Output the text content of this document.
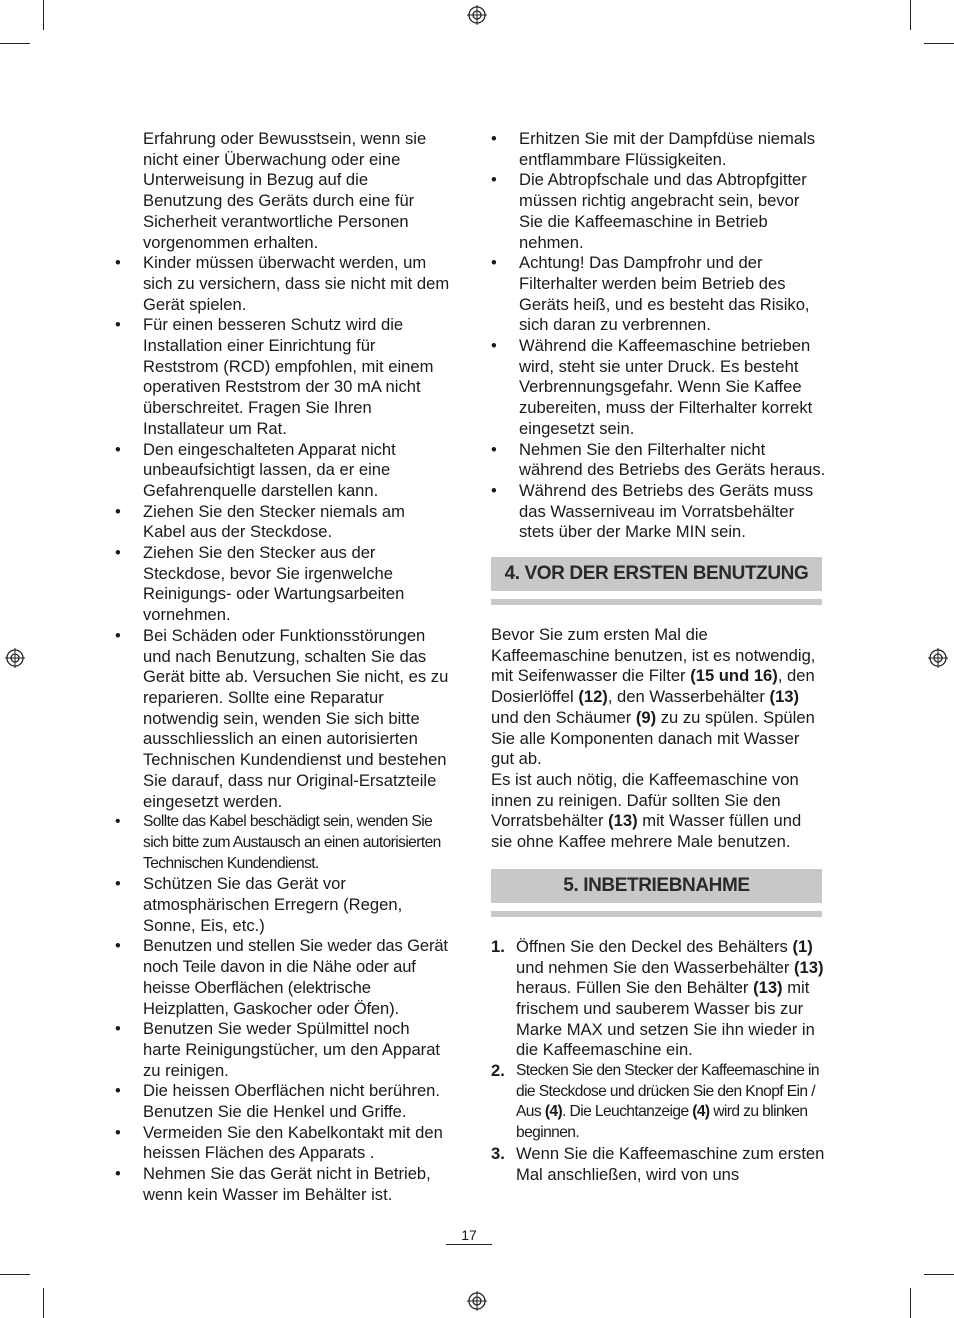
Erfahrung oder Bewusstsein, wenn sie nicht einer Überwachung oder eine Unterweisung in Bezug auf die Benutzung des Geräts durch eine für Sicherheit verantwortliche Personen vorgenommen erhalten.

• Kinder müssen überwacht werden, um sich zu versichern, dass sie nicht mit dem Gerät spielen.
• Für einen besseren Schutz wird die Installation einer Einrichtung für Reststrom (RCD) empfohlen, mit einem operativen Reststrom der 30 mA nicht überschreitet. Fragen Sie Ihren Installateur um Rat.
• Den eingeschalteten Apparat nicht unbeaufsichtigt lassen, da er eine Gefahrenquelle darstellen kann.
• Ziehen Sie den Stecker niemals am Kabel aus der Steckdose.
• Ziehen Sie den Stecker aus der Steckdose, bevor Sie irgenwelche Reinigungs- oder Wartungsarbeiten vornehmen.
• Bei Schäden oder Funktionsstörungen und nach Benutzung, schalten Sie das Gerät bitte ab. Versuchen Sie nicht, es zu reparieren. Sollte eine Reparatur notwendig sein, wenden Sie sich bitte ausschliesslich an einen autorisierten Technischen Kundendienst und bestehen Sie darauf, dass nur Original-Ersatzteile eingesetzt werden.
• Sollte das Kabel beschädigt sein, wenden Sie sich bitte zum Austausch an einen autorisierten Technischen Kundendienst.
• Schützen Sie das Gerät vor atmosphärischen Erregern (Regen, Sonne, Eis, etc.)
• Benutzen und stellen Sie weder das Gerät noch Teile davon in die Nähe oder auf heisse Oberflächen (elektrische Heizplatten, Gaskocher oder Öfen).
• Benutzen Sie weder Spülmittel noch harte Reinigungstücher, um den Apparat zu reinigen.
• Die heissen Oberflächen nicht berühren. Benutzen Sie die Henkel und Griffe.
• Vermeiden Sie den Kabelkontakt mit den heissen Flächen des Apparats .
• Nehmen Sie das Gerät nicht in Betrieb, wenn kein Wasser im Behälter ist.
• Erhitzen Sie mit der Dampfdüse niemals entflammbare Flüssigkeiten.
• Die Abtropfschale und das Abtropfgitter müssen richtig angebracht sein, bevor Sie die Kaffeemaschine in Betrieb nehmen.
• Achtung! Das Dampfrohr und der Filterhalter werden beim Betrieb des Geräts heiß, und es besteht das Risiko, sich daran zu verbrennen.
• Während die Kaffeemaschine betrieben wird, steht sie unter Druck. Es besteht Verbrennungsgefahr. Wenn Sie Kaffee zubereiten, muss der Filterhalter korrekt eingesetzt sein.
• Nehmen Sie den Filterhalter nicht während des Betriebs des Geräts heraus.
• Während des Betriebs des Geräts muss das Wasserniveau im Vorratsbehälter stets über der Marke MIN sein.
4. VOR DER ERSTEN BENUTZUNG

Bevor Sie zum ersten Mal die Kaffeemaschine benutzen, ist es notwendig, mit Seifenwasser die Filter (15 und 16), den Dosierlöffel (12), den Wasserbehälter (13) und den Schäumer (9) zu zu spülen. Spülen Sie alle Komponenten danach mit Wasser gut ab.

Es ist auch nötig, die Kaffeemaschine von innen zu reinigen. Dafür sollten Sie den Vorratsbehälter (13) mit Wasser füllen und sie ohne Kaffee mehrere Male benutzen.

5. INBETRIEBNAHME
1. Öffnen Sie den Deckel des Behälters (1) und nehmen Sie den Wasserbehälter (13) heraus. Füllen Sie den Behälter (13) mit frischem und sauberem Wasser bis zur Marke MAX und setzen Sie ihn wieder in die Kaffeemaschine ein.
2. Stecken Sie den Stecker der Kaffeemaschine in die Steckdose und drücken Sie den Knopf Ein / Aus (4). Die Leuchtanzeige (4) wird zu blinken beginnen.
3. Wenn Sie die Kaffeemaschine zum ersten Mal anschließen, wird von uns
17
